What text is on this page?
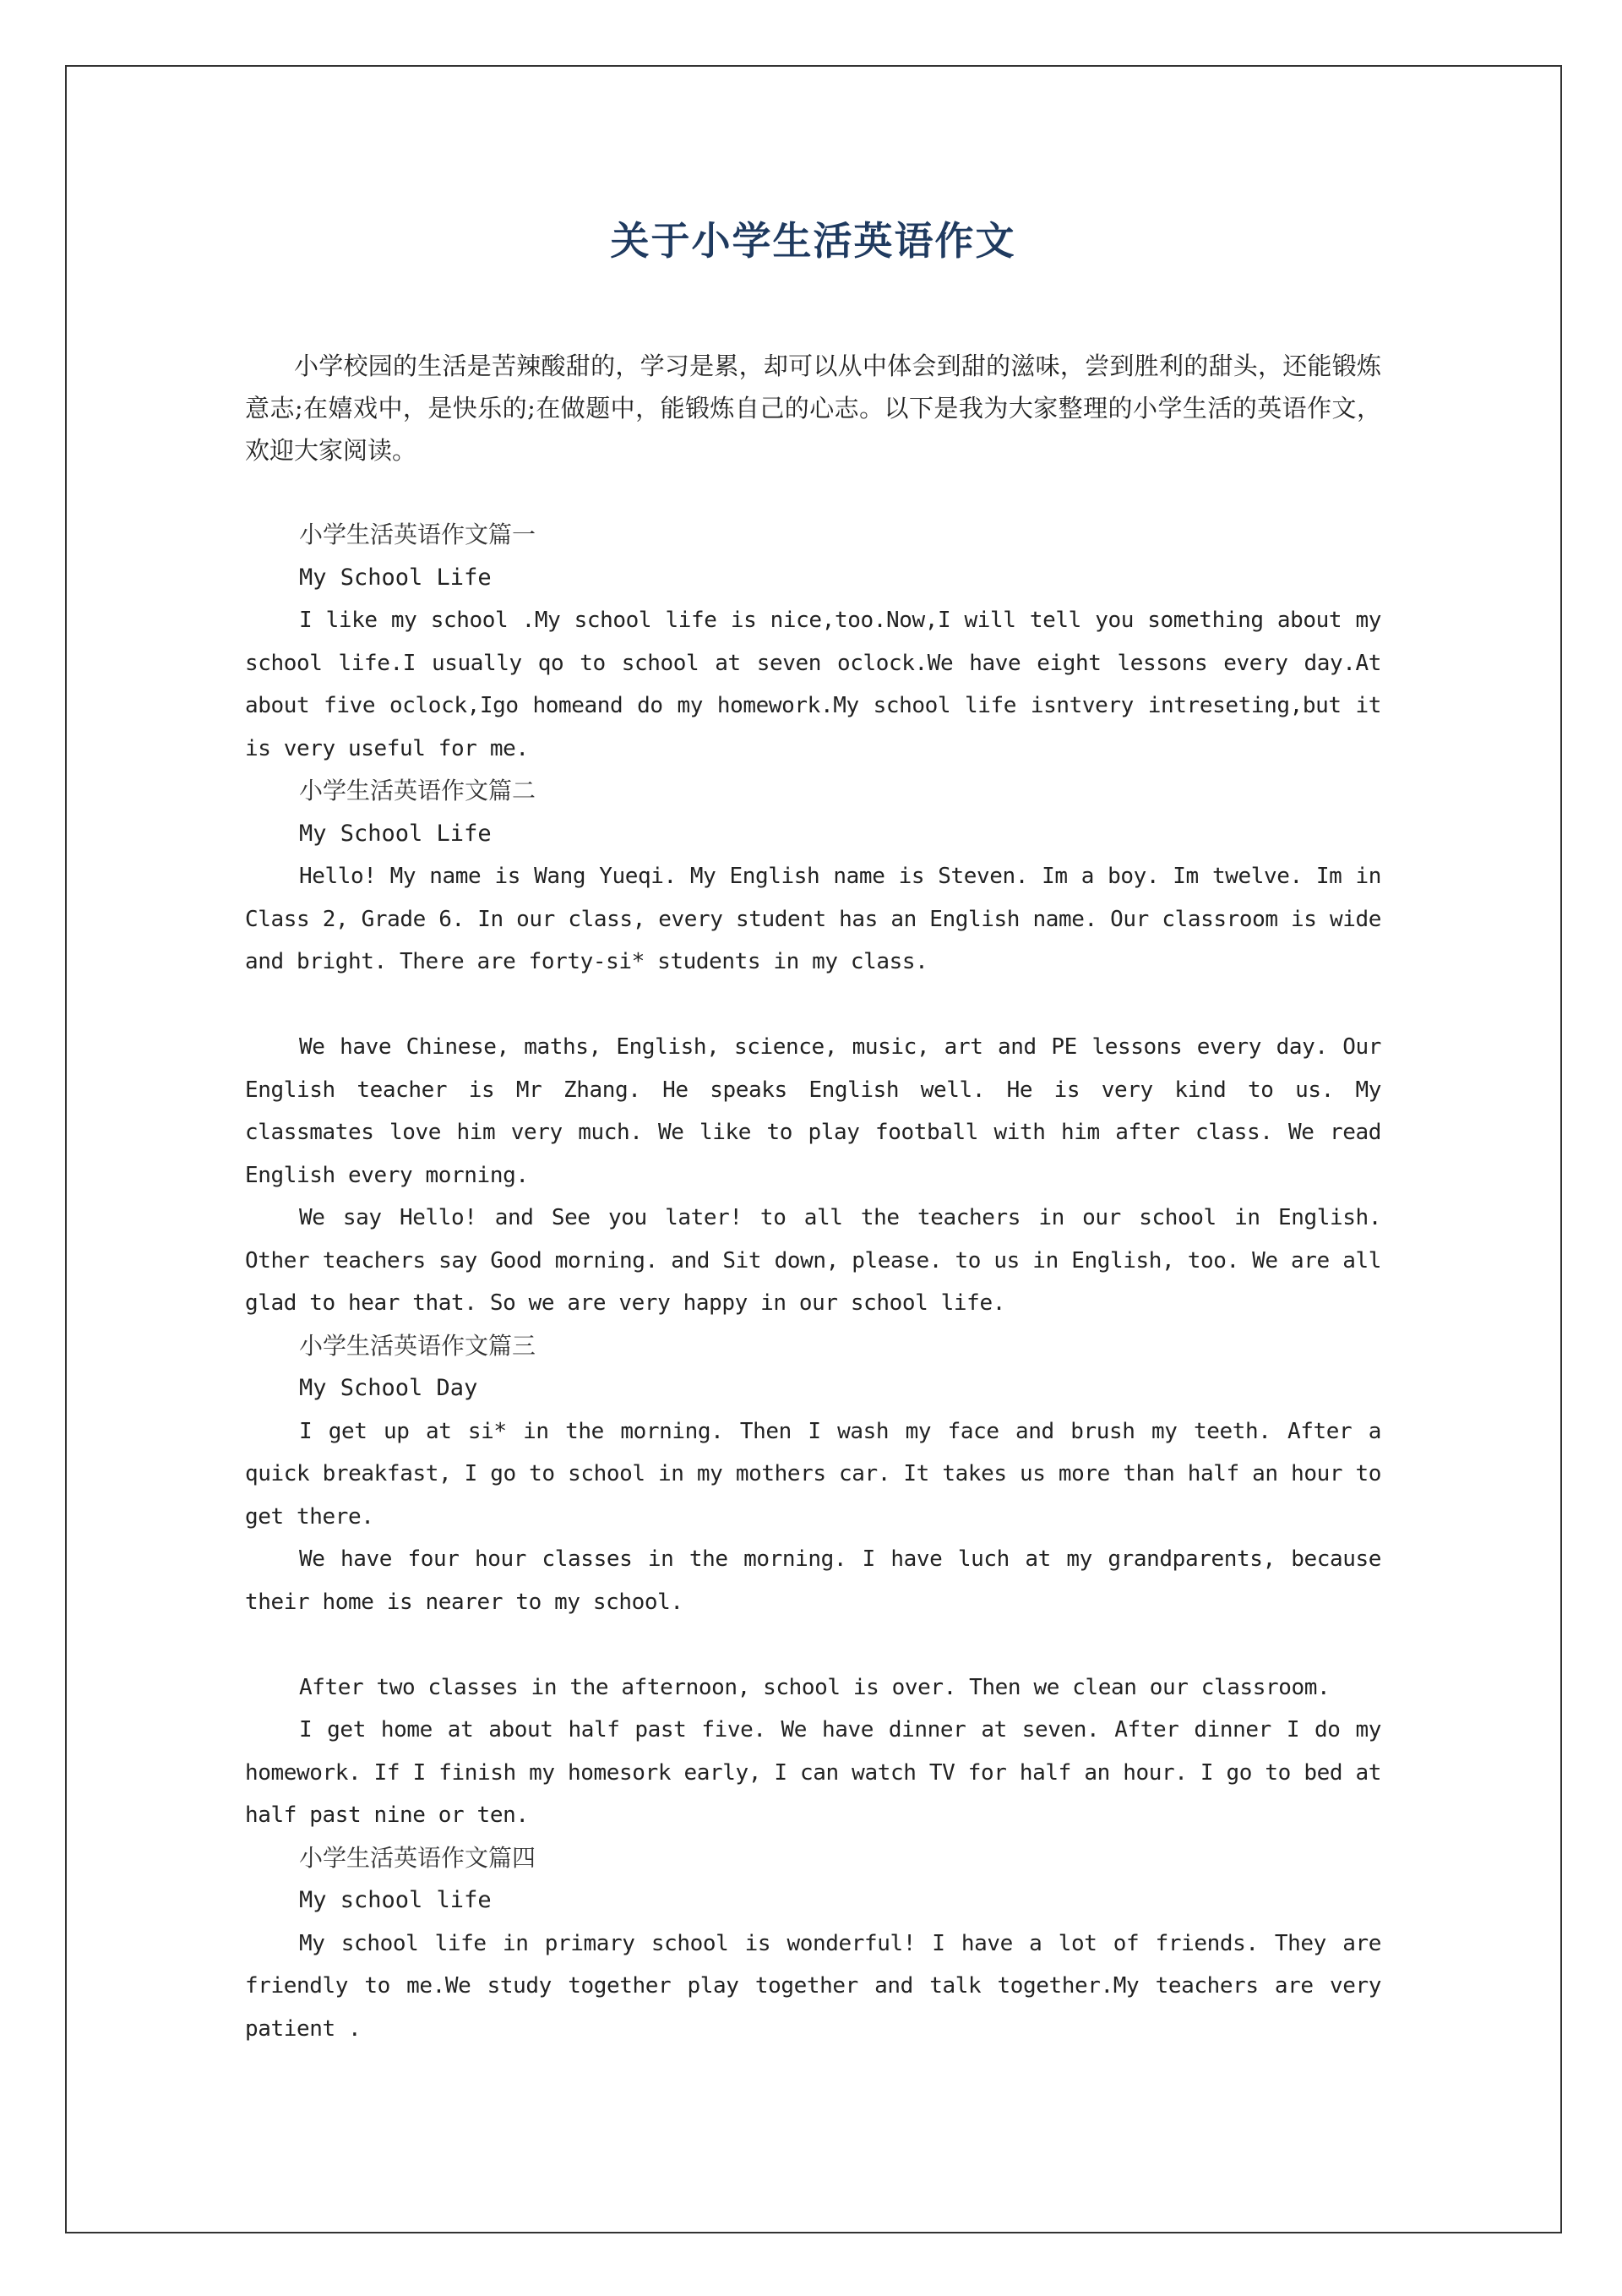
关于小学生活英语作文

小学校园的生活是苦辣酸甜的，学习是累，却可以从中体会到甜的滋味，尝到胜利的甜头，还能锻炼意志;在嬉戏中，是快乐的;在做题中，能锻炼自己的心志。以下是我为大家整理的小学生活的英语作文，欢迎大家阅读。

小学生活英语作文篇一

My School Life

I like my school .My school life is nice,too.Now,I will tell you something about my school life.I usually qo to school at seven oclock.We have eight lessons every day.At about five oclock,Igo homeand do my homework.My school life isntvery intreseting,but it is very useful for me.

小学生活英语作文篇二

My School Life

Hello! My name is Wang Yueqi. My English name is Steven. Im a boy. Im twelve. Im in Class 2, Grade 6. In our class, every student has an English name. Our classroom is wide and bright. There are forty-si* students in my class.

We have Chinese, maths, English, science, music, art and PE lessons every day. Our English teacher is Mr Zhang. He speaks English well. He is very kind to us. My classmates love him very much. We like to play football with him after class. We read English every morning.

We say Hello! and See you later! to all the teachers in our school in English. Other teachers say Good morning. and Sit down, please. to us in English, too. We are all glad to hear that. So we are very happy in our school life.

小学生活英语作文篇三

My School Day

I get up at si* in the morning. Then I wash my face and brush my teeth. After a quick breakfast, I go to school in my mothers car. It takes us more than half an hour to get there.

We have four hour classes in the morning. I have luch at my grandparents, because their home is nearer to my school.

After two classes in the afternoon, school is over. Then we clean our classroom.

I get home at about half past five. We have dinner at seven. After dinner I do my homework. If I finish my homesork early, I can watch TV for half an hour. I go to bed at half past nine or ten.

小学生活英语作文篇四

My school life

My school life in primary school is wonderful! I have a lot of friends. They are friendly to me.We study together play together and talk together.My teachers are very patient .
